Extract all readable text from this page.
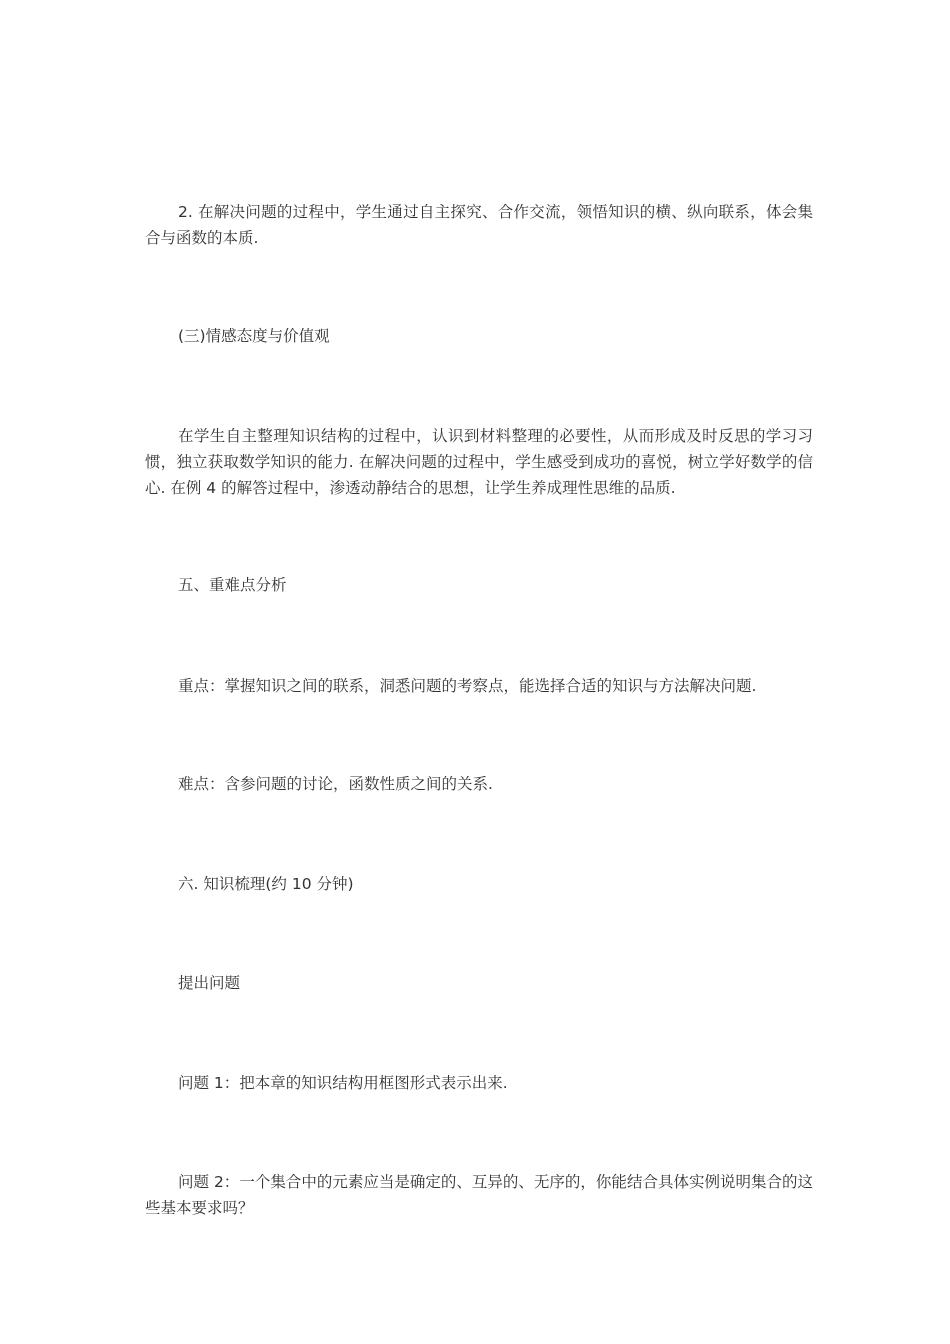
2. 在解决问题的过程中，学生通过自主探究、合作交流，领悟知识的横、纵向联系，体会集合与函数的本质.

(三)情感态度与价值观

在学生自主整理知识结构的过程中，认识到材料整理的必要性，从而形成及时反思的学习习惯，独立获取数学知识的能力. 在解决问题的过程中，学生感受到成功的喜悦，树立学好数学的信心. 在例 4 的解答过程中，渗透动静结合的思想，让学生养成理性思维的品质.

五、重难点分析

重点：掌握知识之间的联系，洞悉问题的考察点，能选择合适的知识与方法解决问题.

难点：含参问题的讨论，函数性质之间的关系.

六. 知识梳理(约 10 分钟)

提出问题

问题 1：把本章的知识结构用框图形式表示出来.

问题 2：一个集合中的元素应当是确定的、互异的、无序的，你能结合具体实例说明集合的这些基本要求吗？
